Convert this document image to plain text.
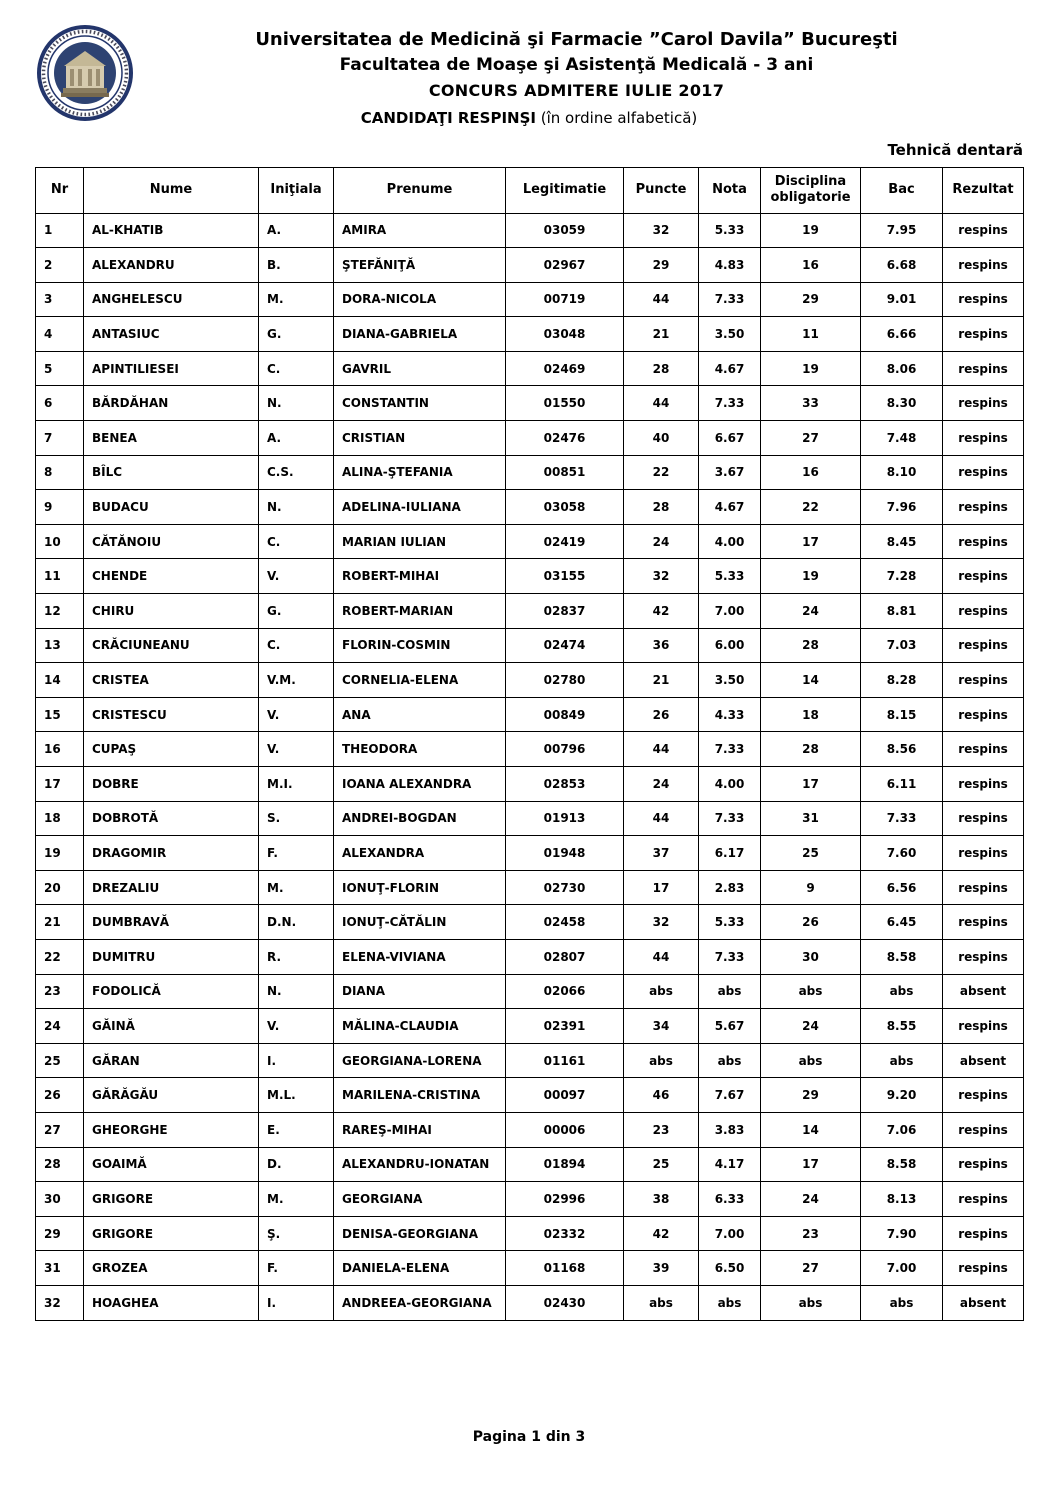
Universitatea de Medicină şi Farmacie ”Carol Davila” Bucureşti
Facultatea de Moaşe şi Asistenţă Medicală - 3 ani
CONCURS ADMITERE IULIE 2017
CANDIDAŢI RESPINŞI (în ordine alfabetică)
Tehnică dentară
Nr	Nume	Iniţiala	Prenume	Legitimatie	Puncte	Nota	Disciplina obligatorie	Bac	Rezultat
1	AL-KHATIB	A.	AMIRA	03059	32	5.33	19	7.95	respins
2	ALEXANDRU	B.	ŞTEFĂNIŢĂ	02967	29	4.83	16	6.68	respins
3	ANGHELESCU	M.	DORA-NICOLA	00719	44	7.33	29	9.01	respins
4	ANTASIUC	G.	DIANA-GABRIELA	03048	21	3.50	11	6.66	respins
5	APINTILIESEI	C.	GAVRIL	02469	28	4.67	19	8.06	respins
6	BĂRDĂHAN	N.	CONSTANTIN	01550	44	7.33	33	8.30	respins
7	BENEA	A.	CRISTIAN	02476	40	6.67	27	7.48	respins
8	BÎLC	C.S.	ALINA-ŞTEFANIA	00851	22	3.67	16	8.10	respins
9	BUDACU	N.	ADELINA-IULIANA	03058	28	4.67	22	7.96	respins
10	CĂTĂNOIU	C.	MARIAN IULIAN	02419	24	4.00	17	8.45	respins
11	CHENDE	V.	ROBERT-MIHAI	03155	32	5.33	19	7.28	respins
12	CHIRU	G.	ROBERT-MARIAN	02837	42	7.00	24	8.81	respins
13	CRĂCIUNEANU	C.	FLORIN-COSMIN	02474	36	6.00	28	7.03	respins
14	CRISTEA	V.M.	CORNELIA-ELENA	02780	21	3.50	14	8.28	respins
15	CRISTESCU	V.	ANA	00849	26	4.33	18	8.15	respins
16	CUPAŞ	V.	THEODORA	00796	44	7.33	28	8.56	respins
17	DOBRE	M.I.	IOANA ALEXANDRA	02853	24	4.00	17	6.11	respins
18	DOBROTĂ	S.	ANDREI-BOGDAN	01913	44	7.33	31	7.33	respins
19	DRAGOMIR	F.	ALEXANDRA	01948	37	6.17	25	7.60	respins
20	DREZALIU	M.	IONUŢ-FLORIN	02730	17	2.83	9	6.56	respins
21	DUMBRAVĂ	D.N.	IONUŢ-CĂTĂLIN	02458	32	5.33	26	6.45	respins
22	DUMITRU	R.	ELENA-VIVIANA	02807	44	7.33	30	8.58	respins
23	FODOLICĂ	N.	DIANA	02066	abs	abs	abs	abs	absent
24	GĂINĂ	V.	MĂLINA-CLAUDIA	02391	34	5.67	24	8.55	respins
25	GĂRAN	I.	GEORGIANA-LORENA	01161	abs	abs	abs	abs	absent
26	GĂRĂGĂU	M.L.	MARILENA-CRISTINA	00097	46	7.67	29	9.20	respins
27	GHEORGHE	E.	RAREŞ-MIHAI	00006	23	3.83	14	7.06	respins
28	GOAIMĂ	D.	ALEXANDRU-IONATAN	01894	25	4.17	17	8.58	respins
30	GRIGORE	M.	GEORGIANA	02996	38	6.33	24	8.13	respins
29	GRIGORE	Ş.	DENISA-GEORGIANA	02332	42	7.00	23	7.90	respins
31	GROZEA	F.	DANIELA-ELENA	01168	39	6.50	27	7.00	respins
32	HOAGHEA	I.	ANDREEA-GEORGIANA	02430	abs	abs	abs	abs	absent
Pagina 1 din 3
